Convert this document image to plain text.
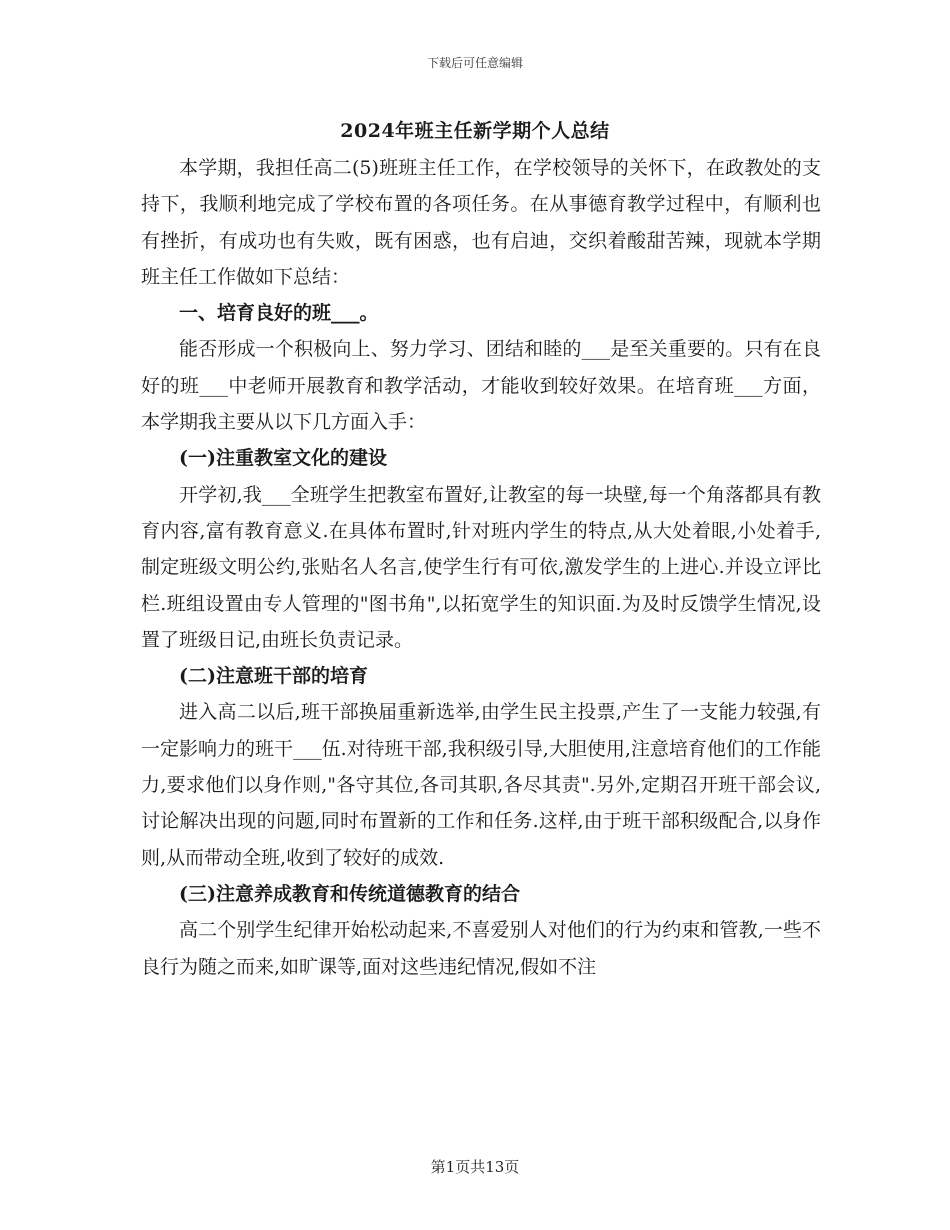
下载后可任意编辑
2024年班主任新学期个人总结

本学期，我担任高二(5)班班主任工作，在学校领导的关怀下，在政教处的支持下，我顺利地完成了学校布置的各项任务。在从事德育教学过程中，有顺利也有挫折，有成功也有失败，既有困惑，也有启迪，交织着酸甜苦辣，现就本学期班主任工作做如下总结：

一、培育良好的班___。

能否形成一个积极向上、努力学习、团结和睦的___是至关重要的。只有在良好的班___中老师开展教育和教学活动，才能收到较好效果。在培育班___方面，本学期我主要从以下几方面入手：

(一)注重教室文化的建设

开学初,我___全班学生把教室布置好,让教室的每一块壁,每一个角落都具有教育内容,富有教育意义.在具体布置时,针对班内学生的特点,从大处着眼,小处着手,制定班级文明公约,张贴名人名言,使学生行有可依,激发学生的上进心.并设立评比栏.班组设置由专人管理的"图书角",以拓宽学生的知识面.为及时反馈学生情况,设置了班级日记,由班长负责记录。

(二)注意班干部的培育

进入高二以后,班干部换届重新选举,由学生民主投票,产生了一支能力较强,有一定影响力的班干___伍.对待班干部,我积级引导,大胆使用,注意培育他们的工作能力,要求他们以身作则,"各守其位,各司其职,各尽其责".另外,定期召开班干部会议,讨论解决出现的问题,同时布置新的工作和任务.这样,由于班干部积级配合,以身作则,从而带动全班,收到了较好的成效.

(三)注意养成教育和传统道德教育的结合

高二个别学生纪律开始松动起来,不喜爱别人对他们的行为约束和管教,一些不良行为随之而来,如旷课等,面对这些违纪情况,假如不注

第1页共13页
